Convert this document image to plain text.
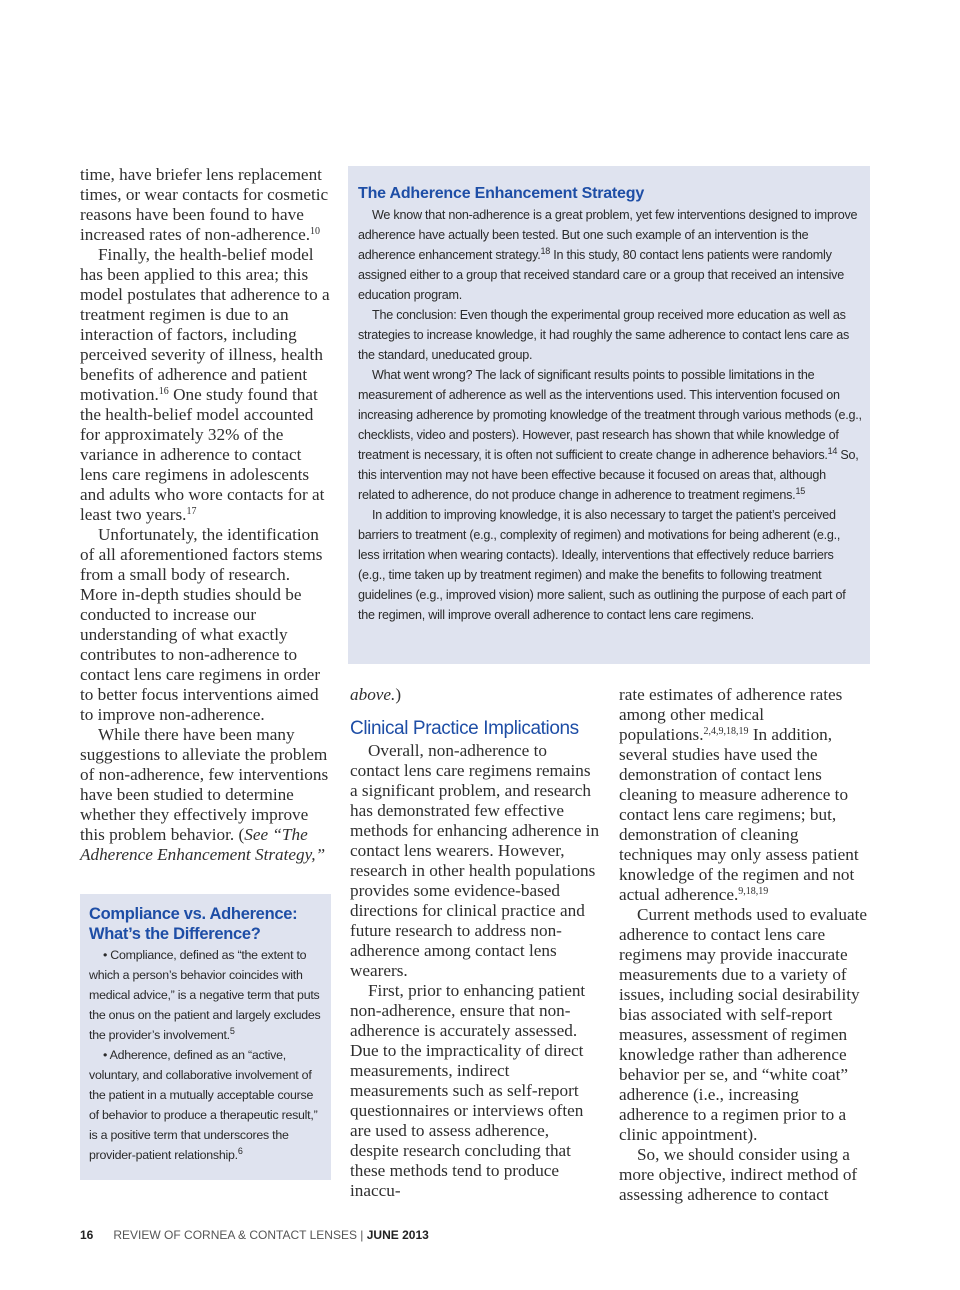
time, have briefer lens replacement times, or wear contacts for cosmetic reasons have been found to have increased rates of non-adherence.$^{10}$

Finally, the health-belief model has been applied to this area; this model postulates that adherence to a treatment regimen is due to an interaction of factors, including perceived severity of illness, health benefits of adherence and patient motivation.$^{16}$ One study found that the health-belief model accounted for approximately 32% of the variance in adherence to contact lens care regimens in adolescents and adults who wore contacts for at least two years.$^{17}$

Unfortunately, the identification of all aforementioned factors stems from a small body of research. More in-depth studies should be conducted to increase our understanding of what exactly contributes to non-adherence to contact lens care regimens in order to better focus interventions aimed to improve non-adherence.

While there have been many suggestions to alleviate the problem of non-adherence, few interventions have been studied to determine whether they effectively improve this problem behavior. (See “The Adherence Enhancement Strategy,”

Compliance vs. Adherence:
What’s the Difference?

• Compliance, defined as “the extent to which a person’s behavior coincides with medical advice,” is a negative term that puts the onus on the patient and largely excludes the provider’s involvement.$^5$

• Adherence, defined as an “active, voluntary, and collaborative involvement of the patient in a mutually acceptable course of behavior to produce a therapeutic result,” is a positive term that underscores the provider-patient relationship.$^6$

The Adherence Enhancement Strategy

We know that non-adherence is a great problem, yet few interventions designed to improve adherence have actually been tested. But one such example of an intervention is the adherence enhancement strategy.$^{18}$ In this study, 80 contact lens patients were randomly assigned either to a group that received standard care or a group that received an intensive education program.

The conclusion: Even though the experimental group received more education as well as strategies to increase knowledge, it had roughly the same adherence to contact lens care as the standard, uneducated group.

What went wrong? The lack of significant results points to possible limitations in the measurement of adherence as well as the interventions used. This intervention focused on increasing adherence by promoting knowledge of the treatment through various methods (e.g., checklists, video and posters). However, past research has shown that while knowledge of treatment is necessary, it is often not sufficient to create change in adherence behaviors.$^{14}$ So, this intervention may not have been effective because it focused on areas that, although related to adherence, do not produce change in adherence to treatment regimens.$^{15}$

In addition to improving knowledge, it is also necessary to target the patient’s perceived barriers to treatment (e.g., complexity of regimen) and motivations for being adherent (e.g., less irritation when wearing contacts). Ideally, interventions that effectively reduce barriers (e.g., time taken up by treatment regimen) and make the benefits to following treatment guidelines (e.g., improved vision) more salient, such as outlining the purpose of each part of the regimen, will improve overall adherence to contact lens care regimens.

above.)

Clinical Practice Implications

Overall, non-adherence to contact lens care regimens remains a significant problem, and research has demonstrated few effective methods for enhancing adherence in contact lens wearers. However, research in other health populations provides some evidence-based directions for clinical practice and future research to address non-adherence among contact lens wearers.

First, prior to enhancing patient non-adherence, ensure that non-adherence is accurately assessed. Due to the impracticality of direct measurements, indirect measurements such as self-report questionnaires or interviews often are used to assess adherence, despite research concluding that these methods tend to produce inaccu-

rate estimates of adherence rates among other medical populations.$^{2,4,9,18,19}$ In addition, several studies have used the demonstration of contact lens cleaning to measure adherence to contact lens care regimens; but, demonstration of cleaning techniques may only assess patient knowledge of the regimen and not actual adherence.$^{9,18,19}$

Current methods used to evaluate adherence to contact lens care regimens may provide inaccurate measurements due to a variety of issues, including social desirability bias associated with self-report measures, assessment of regimen knowledge rather than adherence behavior per se, and “white coat” adherence (i.e., increasing adherence to a regimen prior to a clinic appointment).

So, we should consider using a more objective, indirect method of assessing adherence to contact

16 REVIEW OF CORNEA & CONTACT LENSES | JUNE 2013
